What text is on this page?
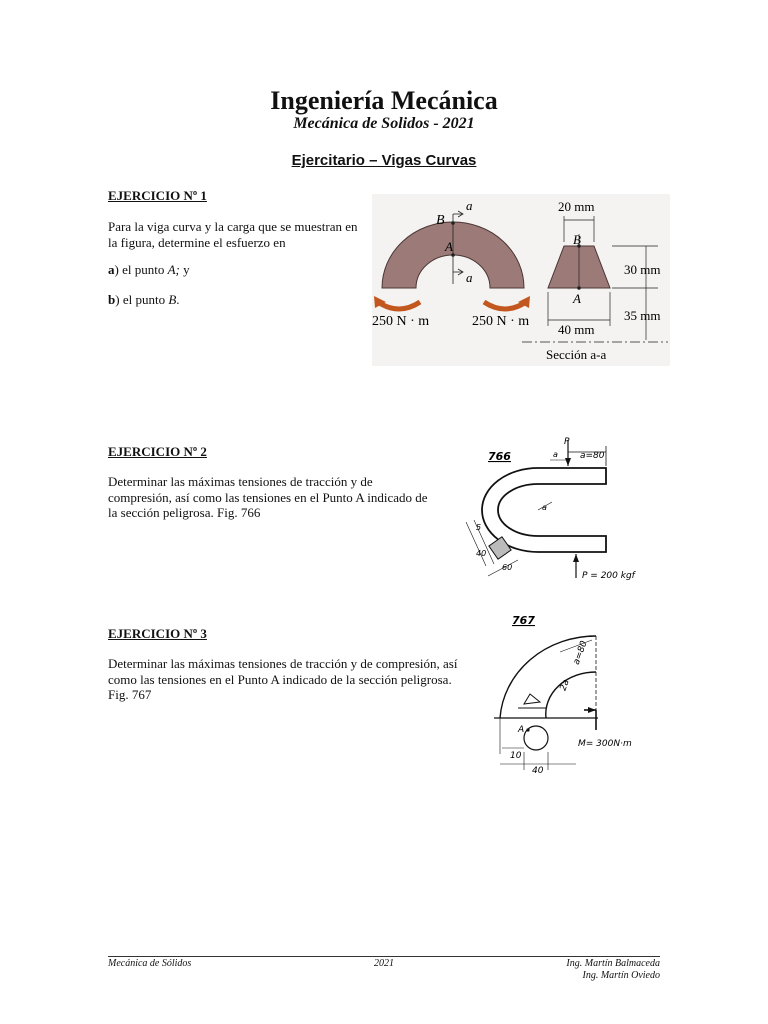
Ingeniería Mecánica
Mecánica de Solidos - 2021
Ejercitario – Vigas Curvas
EJERCICIO Nº 1
Para la viga curva y la carga que se muestran en la figura, determine el esfuerzo en
a) el punto A; y
b) el punto B.
B
A
a
a
250 N · m	250 N · m
B
A
20 mm
30 mm
35 mm
40 mm
Sección a-a
EJERCICIO Nº 2
Determinar las máximas tensiones de tracción y de compresión, así como las tensiones en el Punto A indicado de la sección peligrosa. Fig. 766
766
P
a=80
a
a
5
40
60
P = 200 kgf
EJERCICIO Nº 3
Determinar las máximas tensiones de tracción y de compresión, así como las tensiones en el Punto A indicado de la sección peligrosa. Fig. 767
767
a=80
2a
M= 300N·m
A
10
40
Mecánica de Sólidos	2021	Ing. Martín Balmaceda
Ing. Martín Oviedo
